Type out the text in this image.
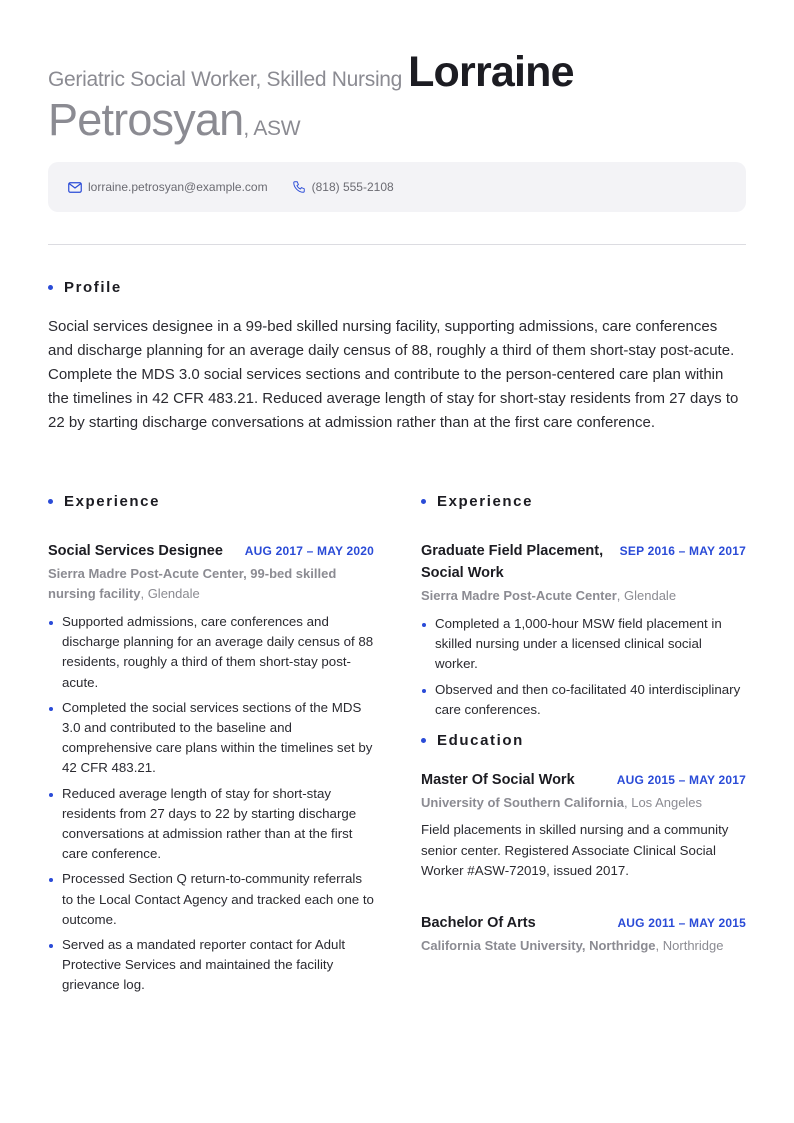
Geriatric Social Worker, Skilled Nursing Lorraine
Petrosyan, ASW
lorraine.petrosyan@example.com	(818) 555-2108
Profile

Social services designee in a 99-bed skilled nursing facility, supporting admissions, care conferences and discharge planning for an average daily census of 88, roughly a third of them short-stay post-acute. Complete the MDS 3.0 social services sections and contribute to the person-centered care plan within the timelines in 42 CFR 483.21. Reduced average length of stay for short-stay residents from 27 days to 22 by starting discharge conversations at admission rather than at the first care conference.

Experience
Social Services Designee AUG 2017 – MAY 2020
Sierra Madre Post-Acute Center, 99-bed skilled nursing facility, Glendale
Supported admissions, care conferences and discharge planning for an average daily census of 88 residents, roughly a third of them short-stay post-acute.
Completed the social services sections of the MDS 3.0 and contributed to the baseline and comprehensive care plans within the timelines set by 42 CFR 483.21.
Reduced average length of stay for short-stay residents from 27 days to 22 by starting discharge conversations at admission rather than at the first care conference.
Processed Section Q return-to-community referrals to the Local Contact Agency and tracked each one to outcome.
Served as a mandated reporter contact for Adult Protective Services and maintained the facility grievance log.
Experience
Graduate Field Placement, Social Work
SEP 2016 – MAY 2017
Sierra Madre Post-Acute Center, Glendale
Completed a 1,000-hour MSW field placement in skilled nursing under a licensed clinical social worker.
Observed and then co-facilitated 40 interdisciplinary care conferences.
Education
Master Of Social Work	AUG 2015 – MAY 2017
University of Southern California, Los Angeles

Field placements in skilled nursing and a community senior center. Registered Associate Clinical Social Worker #ASW-72019, issued 2017.

Bachelor Of Arts	AUG 2011 – MAY 2015
California State University, Northridge, Northridge
